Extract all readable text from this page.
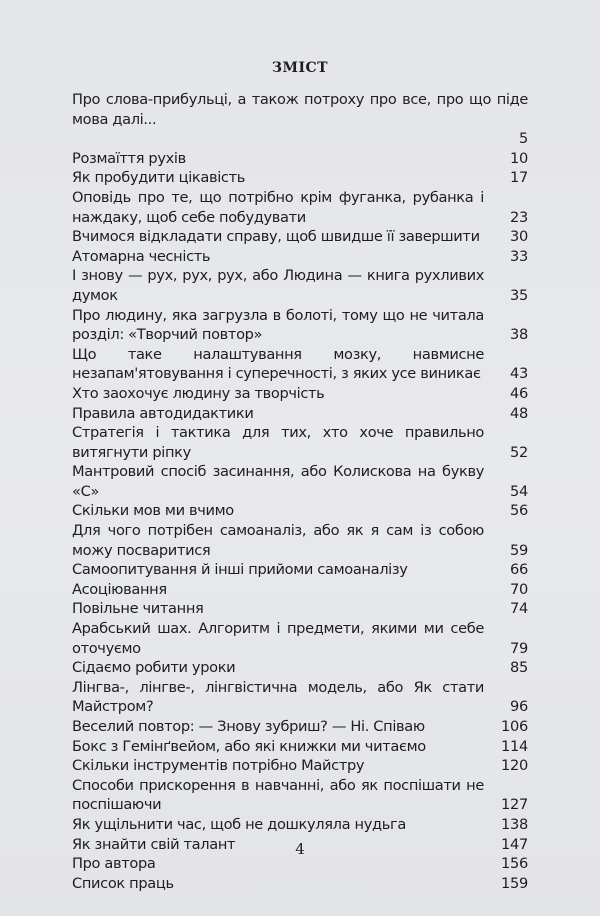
ЗМІСТ
Про слова-прибульці, а також потроху про все, про що піде мова далі...
5
Розмаїття рухів	10
Як пробудити цікавість	17
Оповідь про те, що потрібно крім фуганка, рубанка і наждаку, щоб себе побудувати	23
Вчимося відкладати справу, щоб швидше її завершити	30
Атомарна чесність	33
І знову — рух, рух, рух, або Людина — книга рухливих думок	35
Про людину, яка загрузла в болоті, тому що не читала розділ: «Творчий повтор»	38
Що таке налаштування мозку, навмисне незапам'ятовування і суперечності, з яких усе виникає	43
Хто заохочує людину за творчість	46
Правила автодидактики	48
Стратегія і тактика для тих, хто хоче правильно витягнути ріпку	52
Мантровий спосіб засинання, або Колискова на букву «С»	54
Скільки мов ми вчимо	56
Для чого потрібен самоаналіз, або як я сам із собою можу посваритися	59
Самоопитування й інші прийоми самоаналізу	66
Асоціювання	70
Повільне читання	74
Арабський шах. Алгоритм і предмети, якими ми себе оточуємо	79
Сідаємо робити уроки	85
Лінгва-, лінгве-, лінгвістична модель, або Як стати Майстром?	96
Веселий повтор: — Знову зубриш? — Ні. Співаю	106
Бокс з Гемінґвейом, або які книжки ми читаємо	114
Скільки інструментів потрібно Майстру	120
Способи прискорення в навчанні, або як поспішати не поспішаючи	127
Як ущільнити час, щоб не дошкуляла нудьга	138
Як знайти свій талант	147
Про автора	156
Список праць	159
4
